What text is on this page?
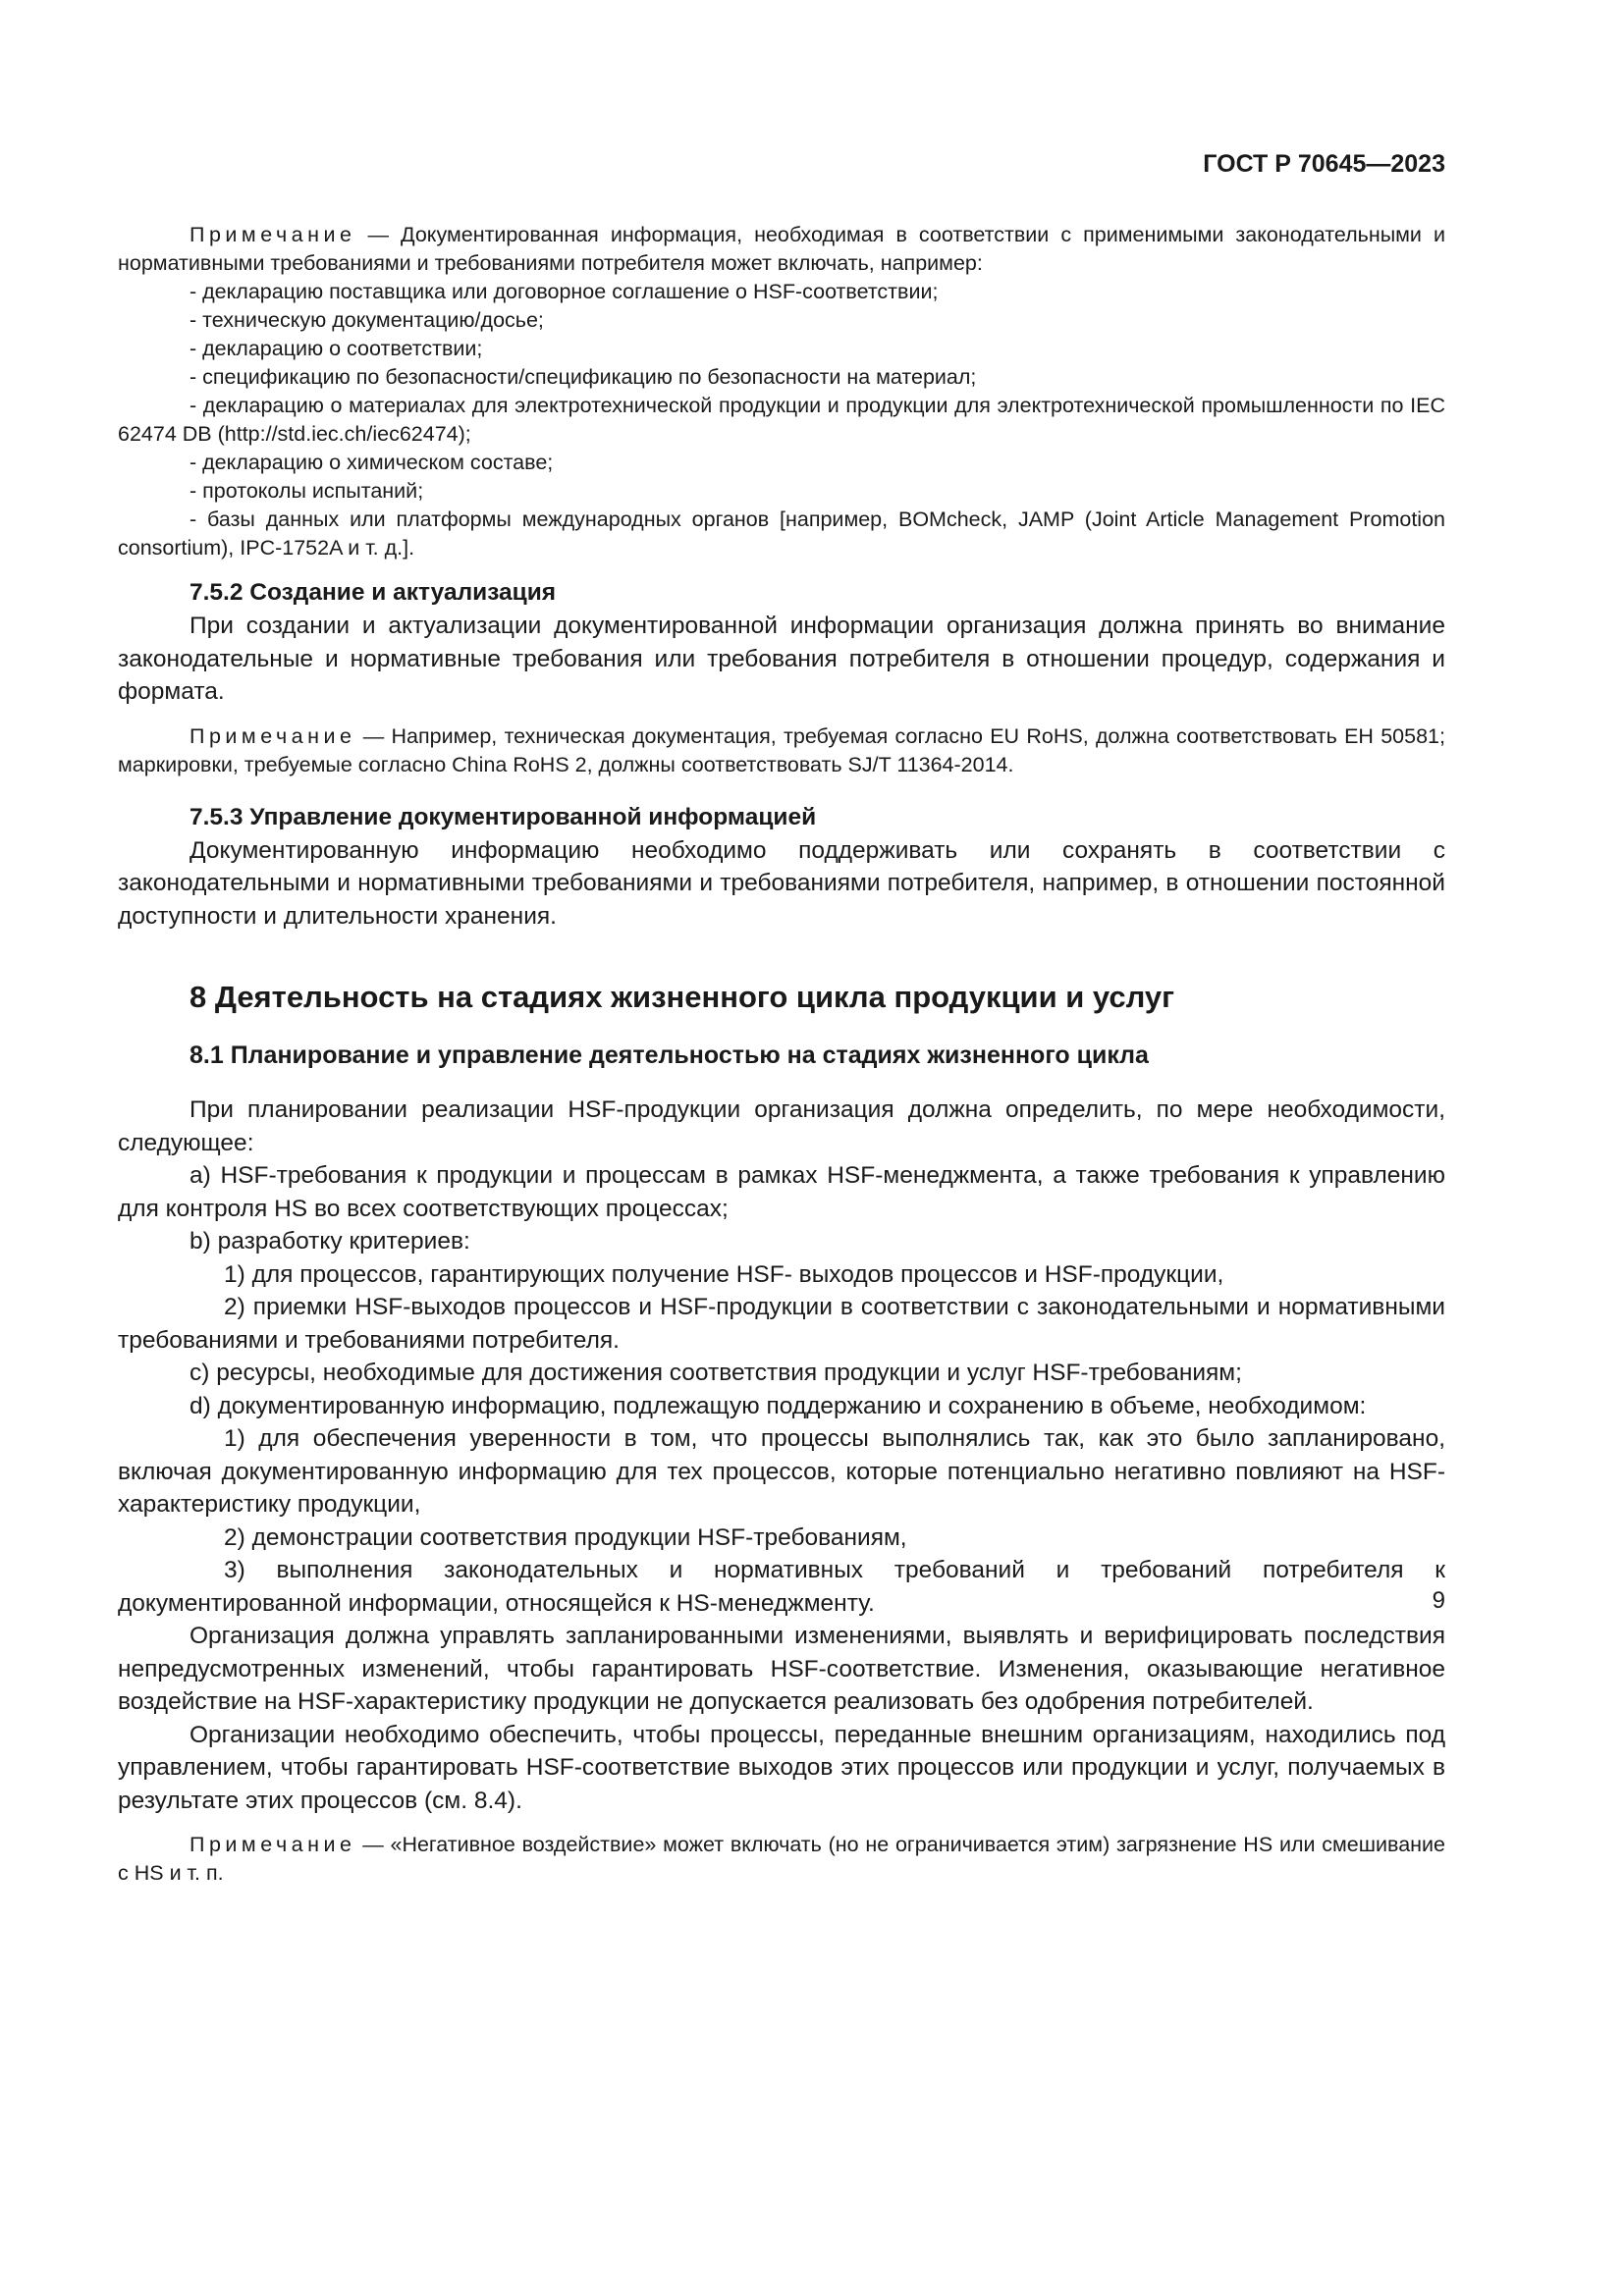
ГОСТ Р 70645—2023

Примечание — Документированная информация, необходимая в соответствии с применимыми законодательными и нормативными требованиями и требованиями потребителя может включать, например:

- декларацию поставщика или договорное соглашение о HSF-соответствии;

- техническую документацию/досье;

- декларацию о соответствии;

- спецификацию по безопасности/спецификацию по безопасности на материал;

- декларацию о материалах для электротехнической продукции и продукции для электротехнической промышленности по IEC 62474 DB (http://std.iec.ch/iec62474);

- декларацию о химическом составе;

- протоколы испытаний;

- базы данных или платформы международных органов [например, BOMcheck, JAMP (Joint Article Management Promotion consortium), IPC-1752A и т. д.].

7.5.2 Создание и актуализация

При создании и актуализации документированной информации организация должна принять во внимание законодательные и нормативные требования или требования потребителя в отношении процедур, содержания и формата.

Примечание — Например, техническая документация, требуемая согласно EU RoHS, должна соответствовать ЕН 50581; маркировки, требуемые согласно China RoHS 2, должны соответствовать SJ/T 11364-2014.

7.5.3 Управление документированной информацией

Документированную информацию необходимо поддерживать или сохранять в соответствии с законодательными и нормативными требованиями и требованиями потребителя, например, в отношении постоянной доступности и длительности хранения.

8 Деятельность на стадиях жизненного цикла продукции и услуг
8.1 Планирование и управление деятельностью на стадиях жизненного цикла

При планировании реализации HSF-продукции организация должна определить, по мере необходимости, следующее:

a) HSF-требования к продукции и процессам в рамках HSF-менеджмента, а также требования к управлению для контроля HS во всех соответствующих процессах;

b) разработку критериев:

1) для процессов, гарантирующих получение HSF- выходов процессов и HSF-продукции,

2) приемки HSF-выходов процессов и HSF-продукции в соответствии с законодательными и нормативными требованиями и требованиями потребителя.

c) ресурсы, необходимые для достижения соответствия продукции и услуг HSF-требованиям;

d) документированную информацию, подлежащую поддержанию и сохранению в объеме, необходимом:

1) для обеспечения уверенности в том, что процессы выполнялись так, как это было запланировано, включая документированную информацию для тех процессов, которые потенциально негативно повлияют на HSF-характеристику продукции,

2) демонстрации соответствия продукции HSF-требованиям,

3) выполнения законодательных и нормативных требований и требований потребителя к документированной информации, относящейся к HS-менеджменту.

Организация должна управлять запланированными изменениями, выявлять и верифицировать последствия непредусмотренных изменений, чтобы гарантировать HSF-соответствие. Изменения, оказывающие негативное воздействие на HSF-характеристику продукции не допускается реализовать без одобрения потребителей.

Организации необходимо обеспечить, чтобы процессы, переданные внешним организациям, находились под управлением, чтобы гарантировать HSF-соответствие выходов этих процессов или продукции и услуг, получаемых в результате этих процессов (см. 8.4).

Примечание — «Негативное воздействие» может включать (но не ограничивается этим) загрязнение HS или смешивание с HS и т. п.

9
